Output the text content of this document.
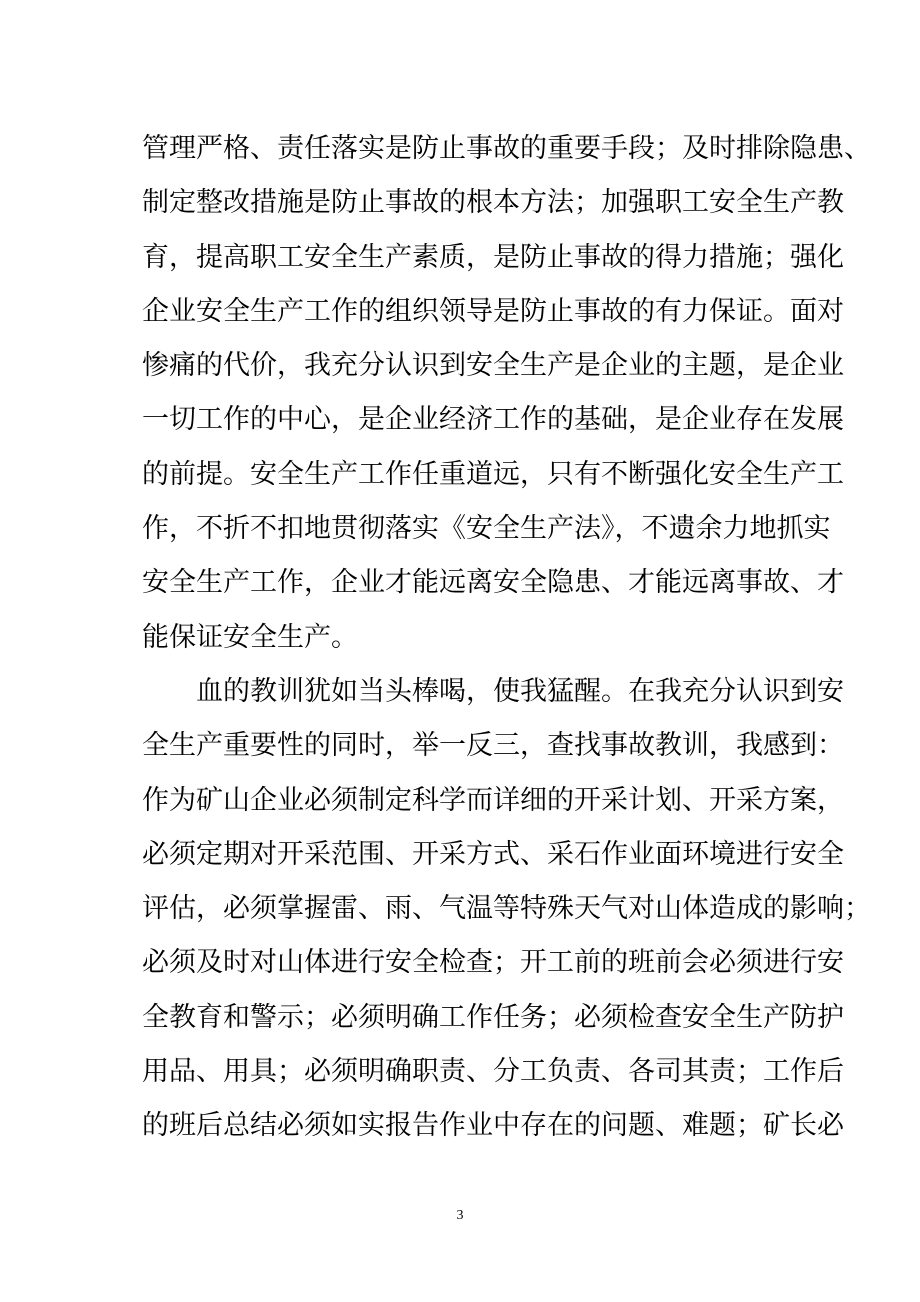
管理严格、责任落实是防止事故的重要手段；及时排除隐患、
制定整改措施是防止事故的根本方法；加强职工安全生产教
育，提高职工安全生产素质，是防止事故的得力措施；强化
企业安全生产工作的组织领导是防止事故的有力保证。面对
惨痛的代价，我充分认识到安全生产是企业的主题，是企业
一切工作的中心，是企业经济工作的基础，是企业存在发展
的前提。安全生产工作任重道远，只有不断强化安全生产工
作，不折不扣地贯彻落实《安全生产法》，不遗余力地抓实
安全生产工作，企业才能远离安全隐患、才能远离事故、才
能保证安全生产。
血的教训犹如当头棒喝，使我猛醒。在我充分认识到安
全生产重要性的同时，举一反三，查找事故教训，我感到：
作为矿山企业必须制定科学而详细的开采计划、开采方案，
必须定期对开采范围、开采方式、采石作业面环境进行安全
评估，必须掌握雷、雨、气温等特殊天气对山体造成的影响；
必须及时对山体进行安全检查；开工前的班前会必须进行安
全教育和警示；必须明确工作任务；必须检查安全生产防护
用品、用具；必须明确职责、分工负责、各司其责；工作后
的班后总结必须如实报告作业中存在的问题、难题；矿长必
3
